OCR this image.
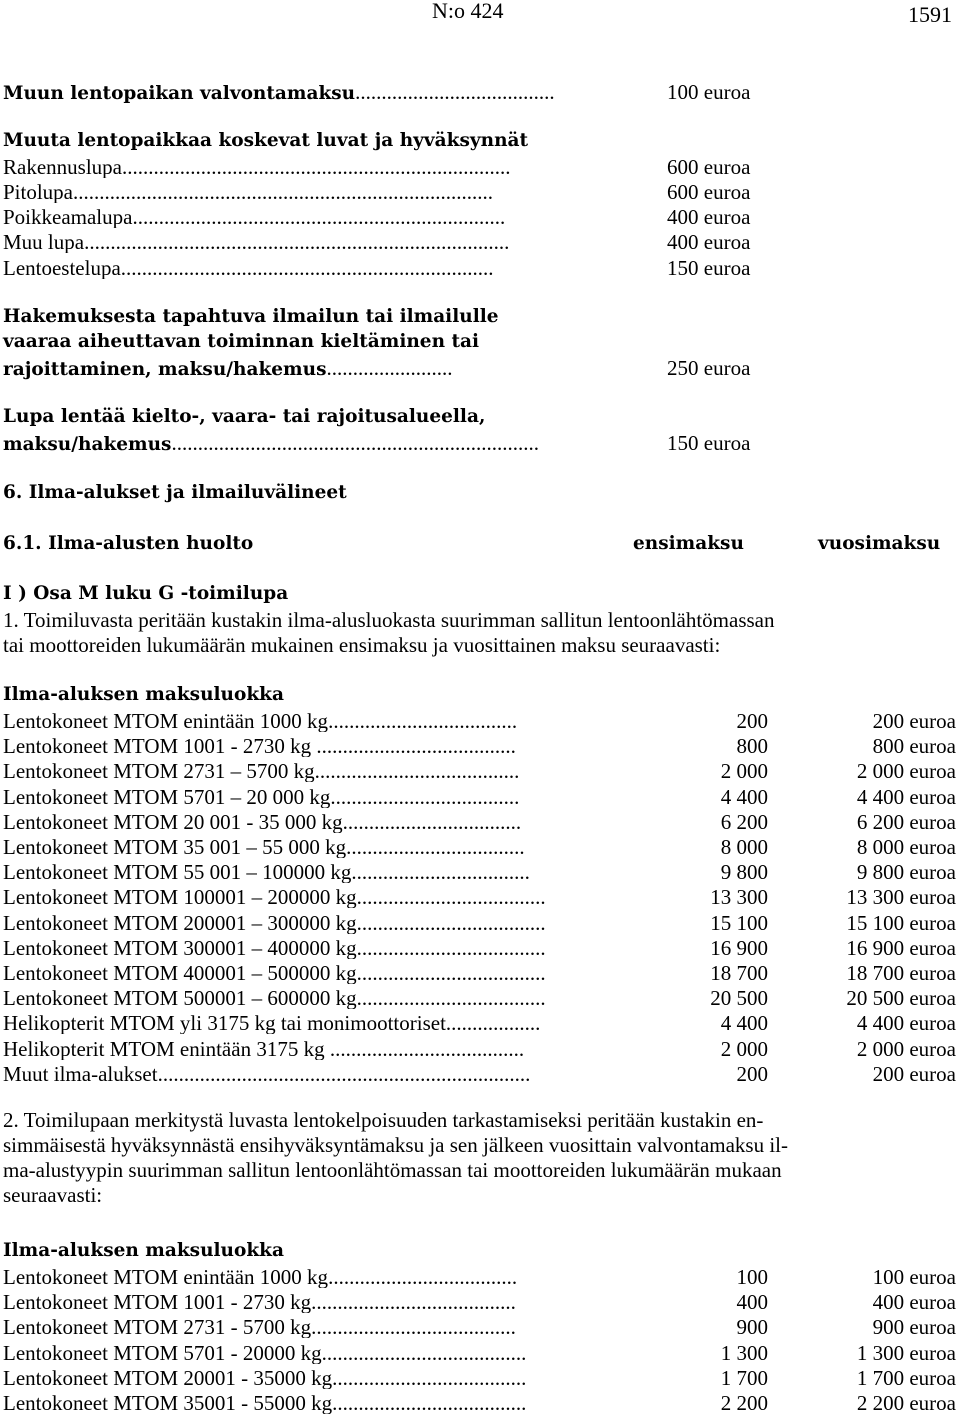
N:o 424	1591
Muun lentopaikan valvontamaksu......................................	100 euroa
Muuta lentopaikkaa koskevat luvat ja hyväksynnät
Rakennuslupa..........................................................................	600 euroa
Pitolupa................................................................................	600 euroa
Poikkeamalupa.......................................................................	400 euroa
Muu lupa.................................................................................	400 euroa
Lentoestelupa.......................................................................	150 euroa
Hakemuksesta tapahtuva ilmailun tai ilmailulle
vaaraa aiheuttavan toiminnan kieltäminen tai
rajoittaminen, maksu/hakemus........................	250 euroa
Lupa lentää kielto-, vaara- tai rajoitusalueella,
maksu/hakemus......................................................................	150 euroa
6. Ilma-alukset ja ilmailuvälineet
6.1. Ilma-alusten huolto	ensimaksu	vuosimaksu
I ) Osa M luku G -toimilupa
1. Toimiluvasta peritään kustakin ilma-alusluokasta suurimman sallitun lentoonlähtömassan
tai moottoreiden lukumäärän mukainen ensimaksu ja vuosittainen maksu seuraavasti:
Ilma-aluksen maksuluokka
Lentokoneet MTOM enintään 1000 kg....................................	200	200 euroa
Lentokoneet MTOM 1001 - 2730 kg ......................................	800	800 euroa
Lentokoneet MTOM 2731 – 5700 kg.......................................	2 000	2 000 euroa
Lentokoneet MTOM 5701 – 20 000 kg....................................	4 400	4 400 euroa
Lentokoneet MTOM 20 001 - 35 000 kg..................................	6 200	6 200 euroa
Lentokoneet MTOM 35 001 – 55 000 kg..................................	8 000	8 000 euroa
Lentokoneet MTOM 55 001 – 100000 kg..................................	9 800	9 800 euroa
Lentokoneet MTOM 100001 – 200000 kg....................................	13 300	13 300 euroa
Lentokoneet MTOM 200001 – 300000 kg....................................	15 100	15 100 euroa
Lentokoneet MTOM 300001 – 400000 kg....................................	16 900	16 900 euroa
Lentokoneet MTOM 400001 – 500000 kg....................................	18 700	18 700 euroa
Lentokoneet MTOM 500001 – 600000 kg....................................	20 500	20 500 euroa
Helikopterit MTOM yli 3175 kg tai monimoottoriset..................	4 400	4 400 euroa
Helikopterit MTOM enintään 3175 kg .....................................	2 000	2 000 euroa
Muut ilma-alukset.......................................................................	200	200 euroa
2. Toimilupaan merkitystä luvasta lentokelpoisuuden tarkastamiseksi peritään kustakin en-
simmäisestä hyväksynnästä ensihyväksyntämaksu ja sen jälkeen vuosittain valvontamaksu il-
ma-alustyypin suurimman sallitun lentoonlähtömassan tai moottoreiden lukumäärän mukaan
seuraavasti:
Ilma-aluksen maksuluokka
Lentokoneet MTOM enintään 1000 kg....................................	100	100 euroa
Lentokoneet MTOM 1001 - 2730 kg.......................................	400	400 euroa
Lentokoneet MTOM 2731 - 5700 kg.......................................	900	900 euroa
Lentokoneet MTOM 5701 - 20000 kg.......................................	1 300	1 300 euroa
Lentokoneet MTOM 20001 - 35000 kg.....................................	1 700	1 700 euroa
Lentokoneet MTOM 35001 - 55000 kg.....................................	2 200	2 200 euroa
